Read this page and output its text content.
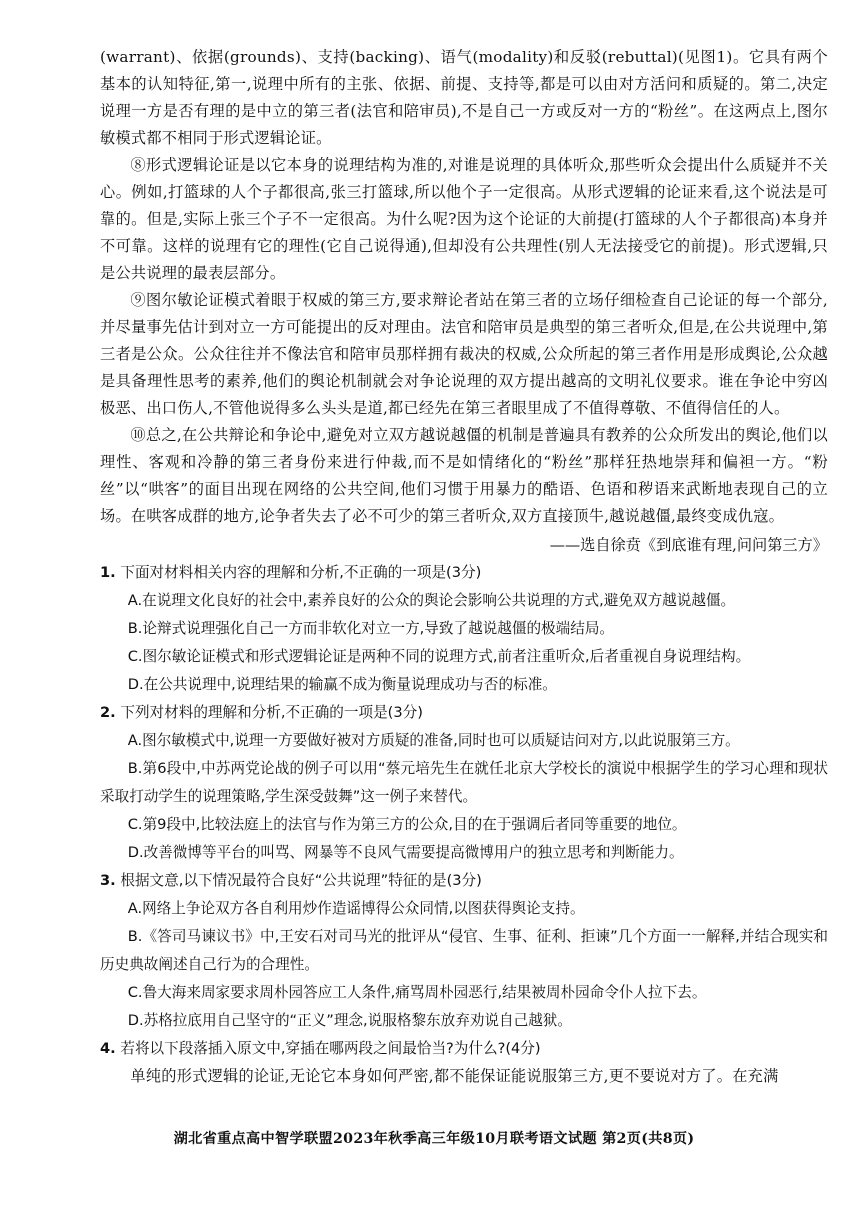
(warrant)、依据(grounds)、支持(backing)、语气(modality)和反驳(rebuttal)(见图1)。它具有两个基本的认知特征,第一,说理中所有的主张、依据、前提、支持等,都是可以由对方活问和质疑的。第二,决定说理一方是否有理的是中立的第三者(法官和陪审员),不是自己一方或反对一方的“粉丝”。在这两点上,图尔敏模式都不相同于形式逻辑论证。

⑧形式逻辑论证是以它本身的说理结构为准的,对谁是说理的具体听众,那些听众会提出什么质疑并不关心。例如,打篮球的人个子都很高,张三打篮球,所以他个子一定很高。从形式逻辑的论证来看,这个说法是可靠的。但是,实际上张三个子不一定很高。为什么呢?因为这个论证的大前提(打篮球的人个子都很高)本身并不可靠。这样的说理有它的理性(它自己说得通),但却没有公共理性(别人无法接受它的前提)。形式逻辑,只是公共说理的最表层部分。

⑨图尔敏论证模式着眼于权威的第三方,要求辩论者站在第三者的立场仔细检查自己论证的每一个部分,并尽量事先估计到对立一方可能提出的反对理由。法官和陪审员是典型的第三者听众,但是,在公共说理中,第三者是公众。公众往往并不像法官和陪审员那样拥有裁决的权威,公众所起的第三者作用是形成舆论,公众越是具备理性思考的素养,他们的舆论机制就会对争论说理的双方提出越高的文明礼仪要求。谁在争论中穷凶极恶、出口伤人,不管他说得多么头头是道,都已经先在第三者眼里成了不值得尊敬、不值得信任的人。

⑩总之,在公共辩论和争论中,避免对立双方越说越僵的机制是普遍具有教养的公众所发出的舆论,他们以理性、客观和冷静的第三者身份来进行仲裁,而不是如情绪化的“粉丝”那样狂热地崇拜和偏袒一方。“粉丝”以“哄客”的面目出现在网络的公共空间,他们习惯于用暴力的酷语、色语和秽语来武断地表现自己的立场。在哄客成群的地方,论争者失去了必不可少的第三者听众,双方直接顶牛,越说越僵,最终变成仇寇。

——选自徐贲《到底谁有理,问问第三方》

1. 下面对材料相关内容的理解和分析,不正确的一项是(3分)

A.在说理文化良好的社会中,素养良好的公众的舆论会影响公共说理的方式,避免双方越说越僵。

B.论辩式说理强化自己一方而非软化对立一方,导致了越说越僵的极端结局。

C.图尔敏论证模式和形式逻辑论证是两种不同的说理方式,前者注重听众,后者重视自身说理结构。

D.在公共说理中,说理结果的输赢不成为衡量说理成功与否的标准。

2. 下列对材料的理解和分析,不正确的一项是(3分)

A.图尔敏模式中,说理一方要做好被对方质疑的准备,同时也可以质疑诘问对方,以此说服第三方。

B.第6段中,中苏两党论战的例子可以用“蔡元培先生在就任北京大学校长的演说中根据学生的学习心理和现状采取打动学生的说理策略,学生深受鼓舞”这一例子来替代。

C.第9段中,比较法庭上的法官与作为第三方的公众,目的在于强调后者同等重要的地位。

D.改善微博等平台的叫骂、网暴等不良风气需要提高微博用户的独立思考和判断能力。

3. 根据文意,以下情况最符合良好“公共说理”特征的是(3分)

A.网络上争论双方各自利用炒作造谣博得公众同情,以图获得舆论支持。

B.《答司马谏议书》中,王安石对司马光的批评从“侵官、生事、征利、拒谏”几个方面一一解释,并结合现实和历史典故阐述自己行为的合理性。

C.鲁大海来周家要求周朴园答应工人条件,痛骂周朴园恶行,结果被周朴园命令仆人拉下去。

D.苏格拉底用自己坚守的“正义”理念,说服格黎东放弃劝说自己越狱。

4. 若将以下段落插入原文中,穿插在哪两段之间最恰当?为什么?(4分)

单纯的形式逻辑的论证,无论它本身如何严密,都不能保证能说服第三方,更不要说对方了。在充满

湖北省重点高中智学联盟2023年秋季高三年级10月联考语文试题 第2页(共8页)
